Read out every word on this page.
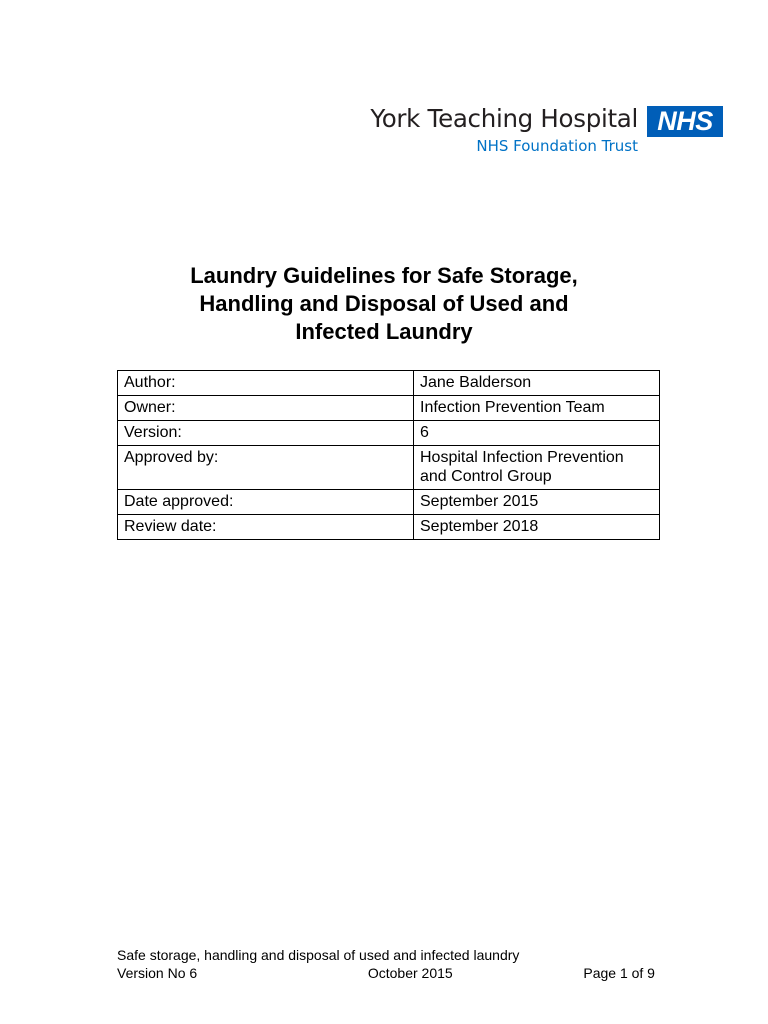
York Teaching Hospital
NHS Foundation Trust
NHS
Laundry Guidelines for Safe Storage,
Handling and Disposal of Used and
Infected Laundry
Author:	Jane Balderson
Owner:	Infection Prevention Team
Version:	6
Approved by:	Hospital Infection Prevention and Control Group
Date approved:	September 2015
Review date:	September 2018
Safe storage, handling and disposal of used and infected laundry
Version No 6	October 2015	Page 1 of 9
